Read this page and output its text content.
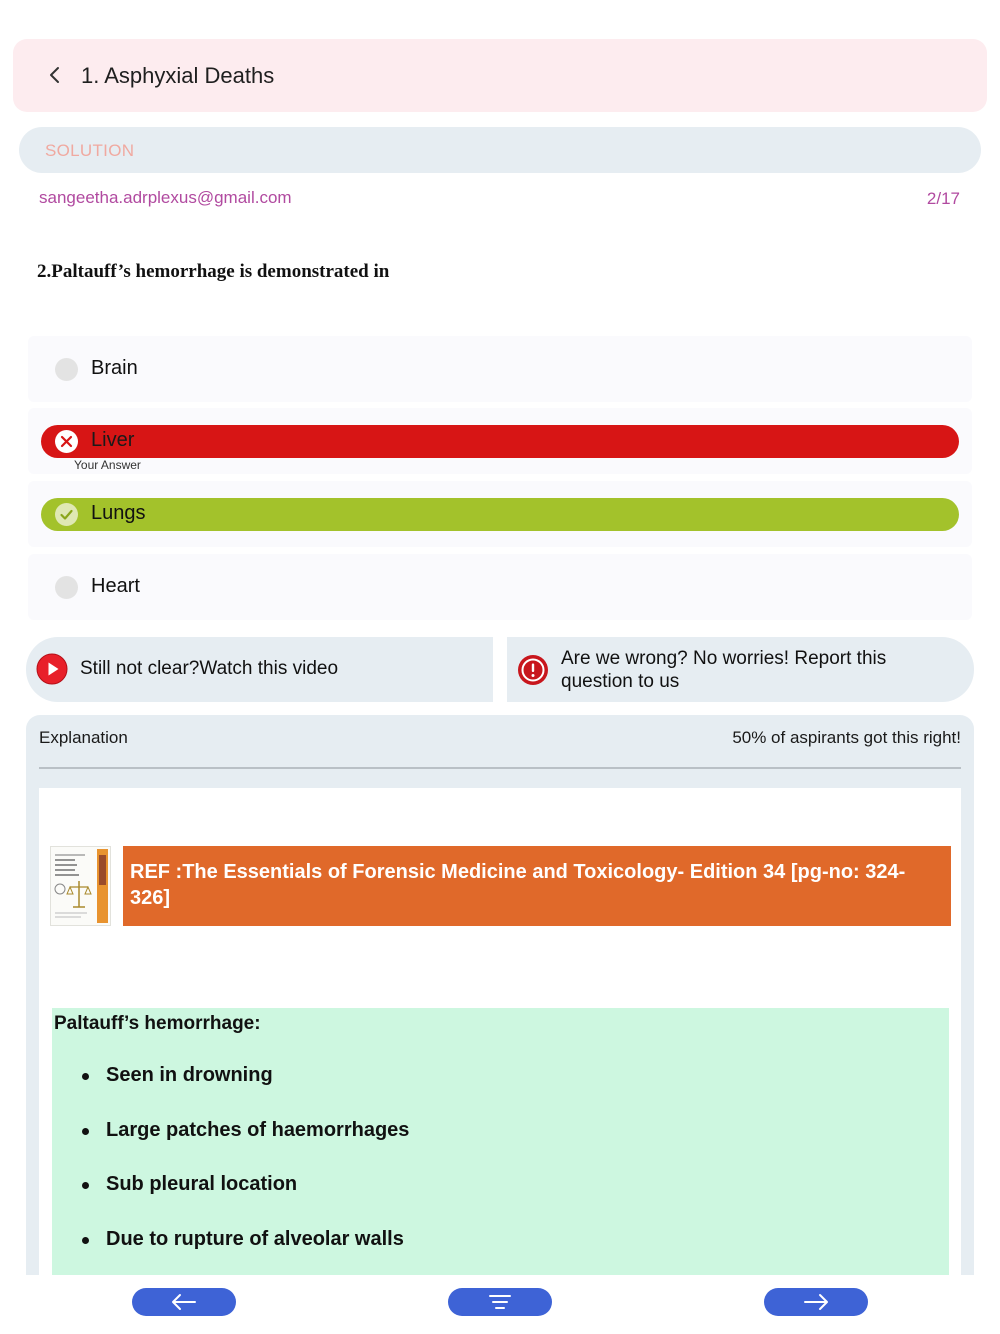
1. Asphyxial Deaths
SOLUTION
sangeetha.adrplexus@gmail.com	2/17
2.Paltauff’s hemorrhage is demonstrated in
Brain
Liver
Your Answer
Lungs
Heart
Still not clear?Watch this video	Are we wrong? No worries! Report this question to us
Explanation	50% of aspirants got this right!
REF :The Essentials of Forensic Medicine and Toxicology- Edition 34 [pg-no: 324-326]
Paltauff’s hemorrhage:
Seen in drowning
Large patches of haemorrhages
Sub pleural location
Due to rupture of alveolar walls
